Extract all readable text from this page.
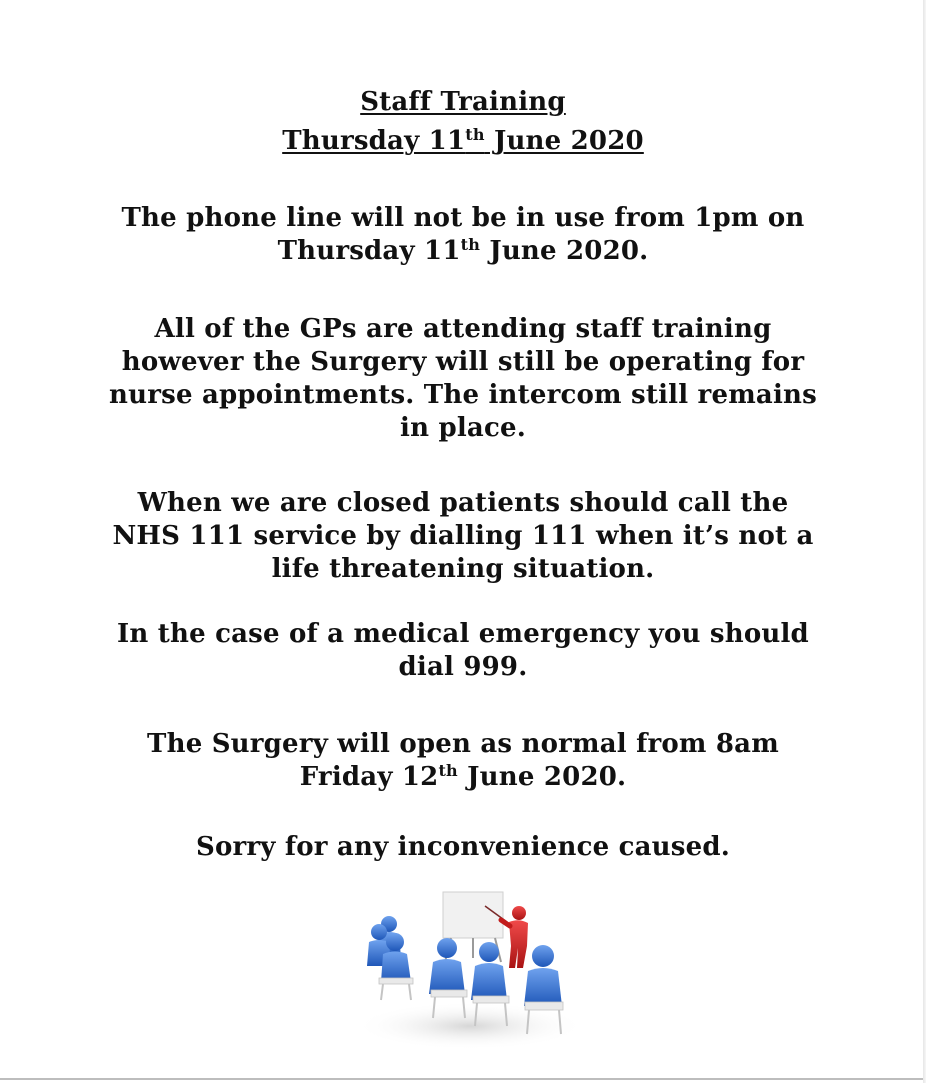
Staff Training
Thursday 11th June 2020
The phone line will not be in use from 1pm on
Thursday 11th June 2020.
All of the GPs are attending staff training
however the Surgery will still be operating for
nurse appointments. The intercom still remains
in place.
When we are closed patients should call the
NHS 111 service by dialling 111 when it’s not a
life threatening situation.
In the case of a medical emergency you should
dial 999.
The Surgery will open as normal from 8am
Friday 12th June 2020.
Sorry for any inconvenience caused.
